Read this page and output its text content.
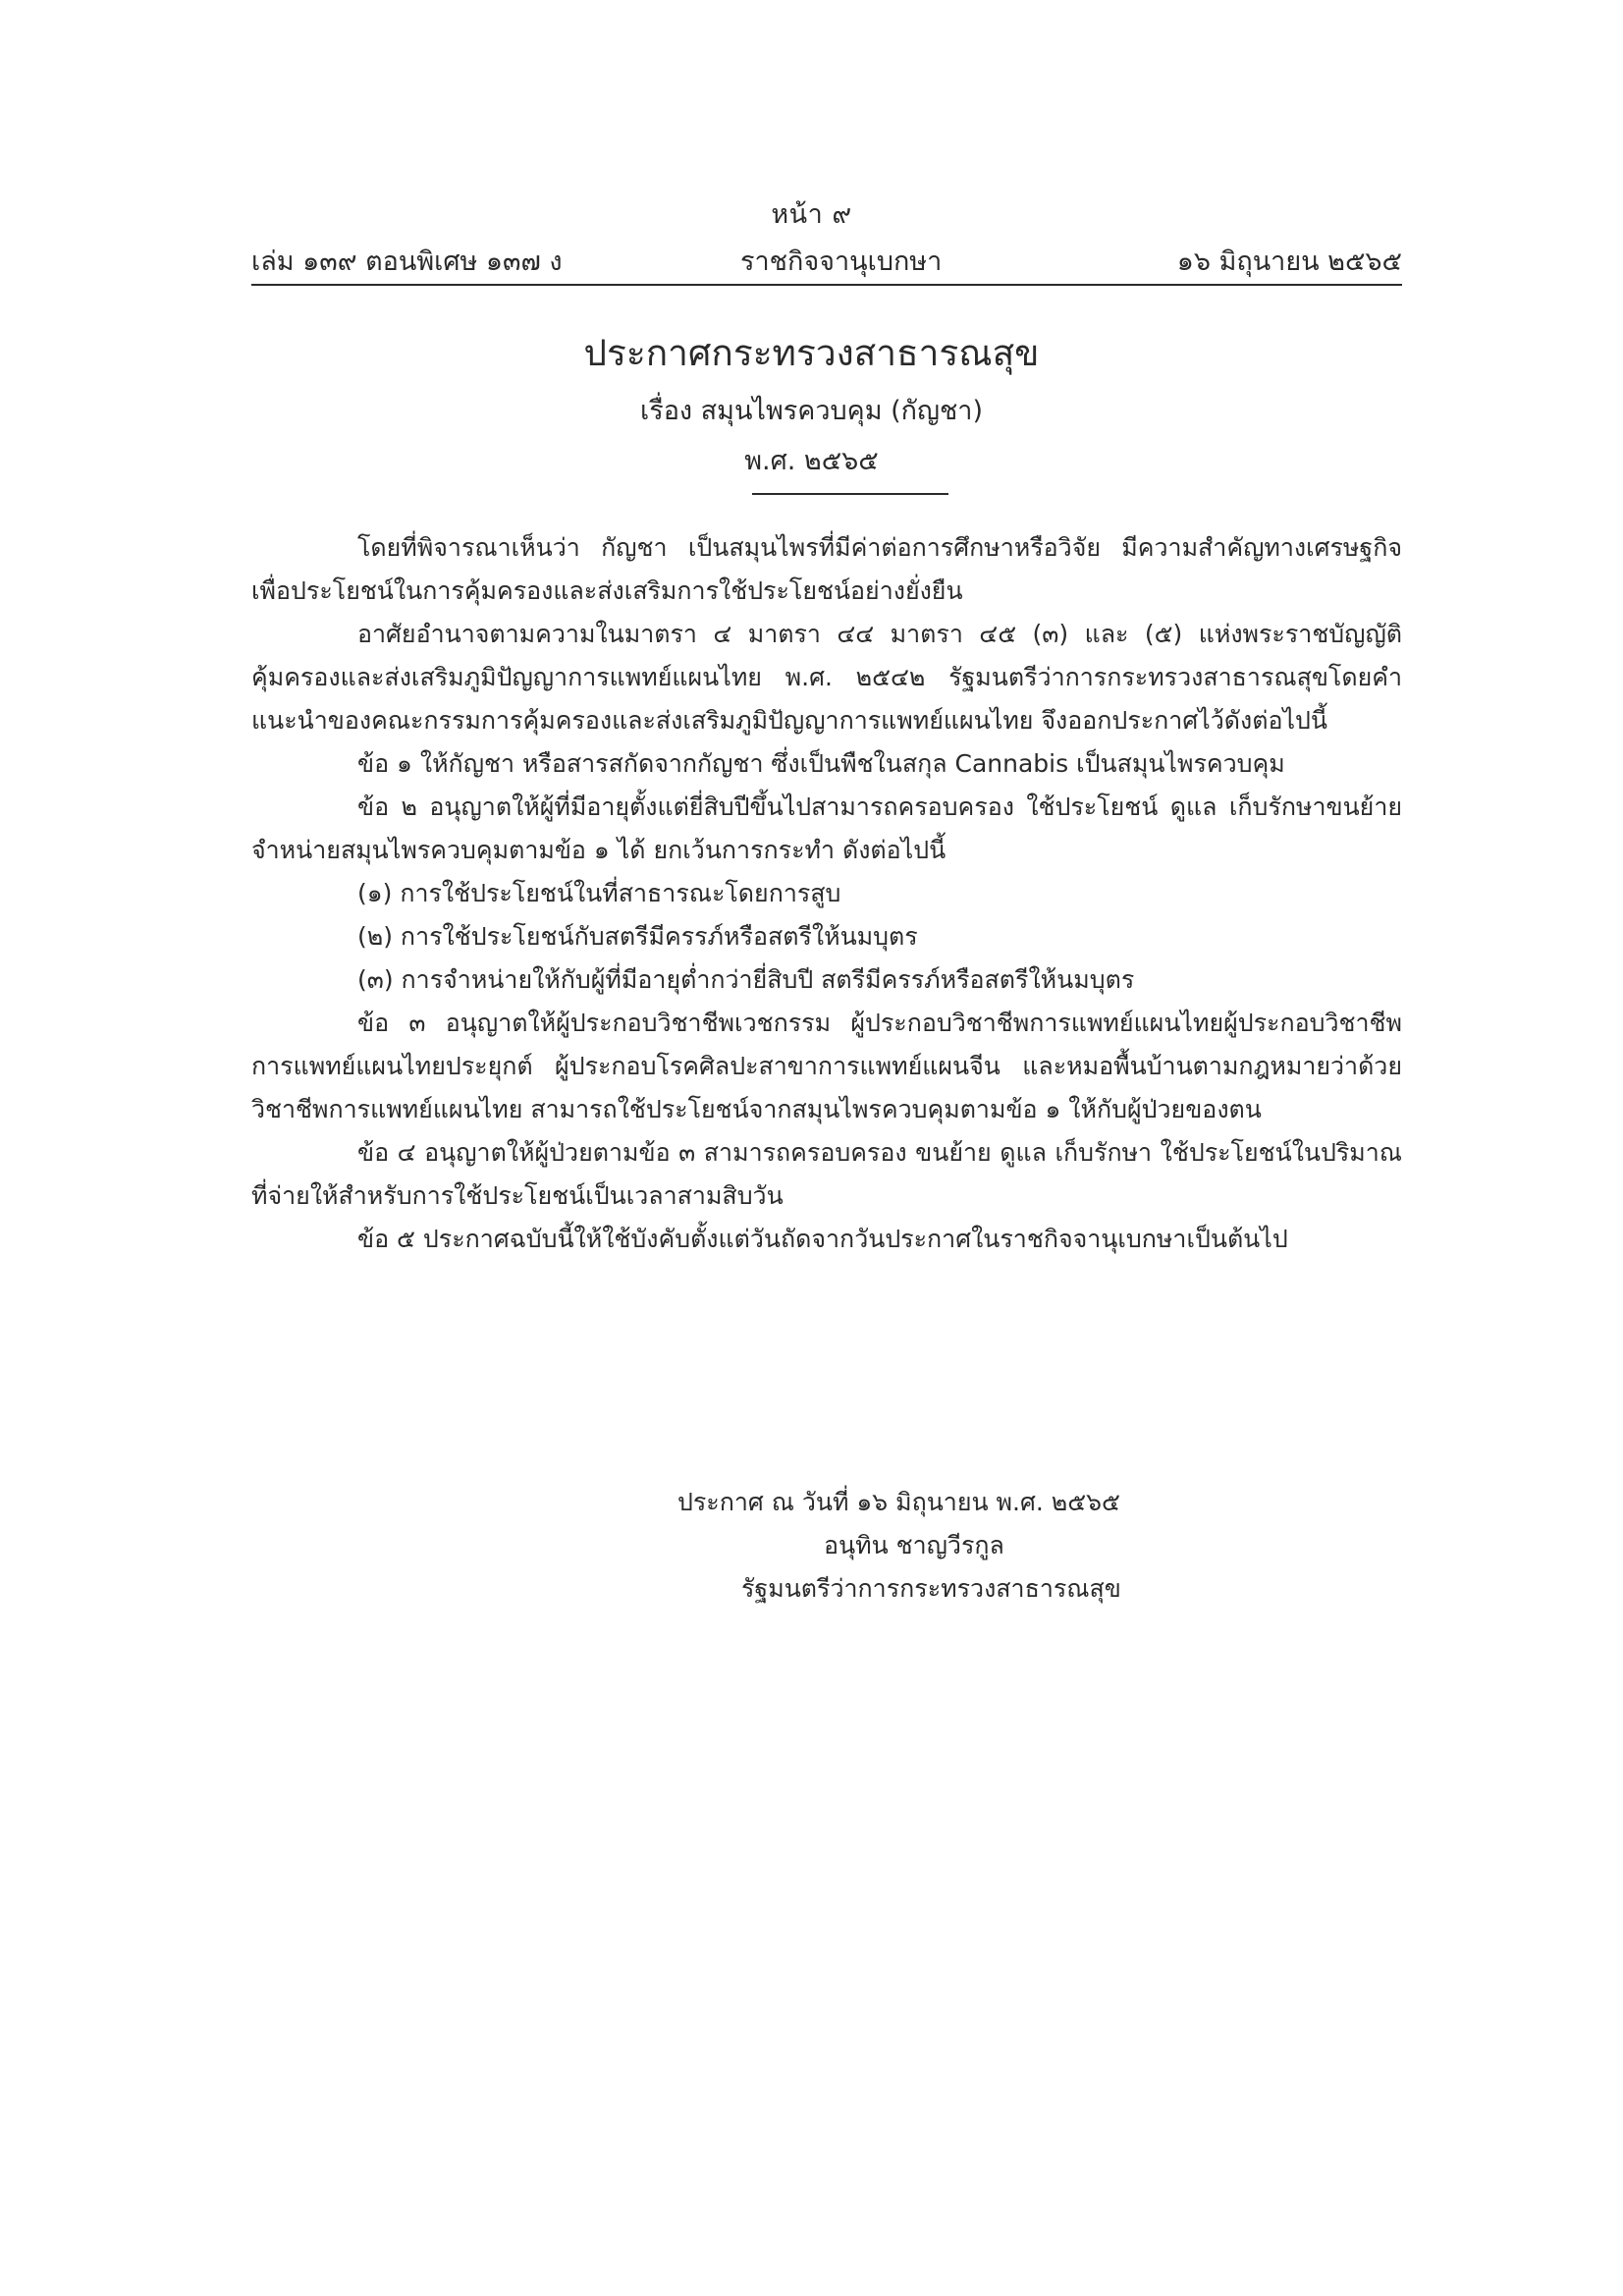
หน้า ๙
เล่ม ๑๓๙ ตอนพิเศษ ๑๓๗ ง	ราชกิจจานุเบกษา	๑๖ มิถุนายน ๒๕๖๕
ประกาศกระทรวงสาธารณสุข
เรื่อง สมุนไพรควบคุม (กัญชา)
พ.ศ. ๒๕๖๕

โดยที่พิจารณาเห็นว่า กัญชา เป็นสมุนไพรที่มีค่าต่อการศึกษาหรือวิจัย มีความสำคัญทางเศรษฐกิจ เพื่อประโยชน์ในการคุ้มครองและส่งเสริมการใช้ประโยชน์อย่างยั่งยืน

อาศัยอำนาจตามความในมาตรา ๔ มาตรา ๔๔ มาตรา ๔๕ (๓) และ (๕) แห่งพระราชบัญญัติคุ้มครองและส่งเสริมภูมิปัญญาการแพทย์แผนไทย พ.ศ. ๒๕๔๒ รัฐมนตรีว่าการกระทรวงสาธารณสุขโดยคำแนะนำของคณะกรรมการคุ้มครองและส่งเสริมภูมิปัญญาการแพทย์แผนไทย จึงออกประกาศไว้ดังต่อไปนี้

ข้อ ๑ ให้กัญชา หรือสารสกัดจากกัญชา ซึ่งเป็นพืชในสกุล Cannabis เป็นสมุนไพรควบคุม

ข้อ ๒ อนุญาตให้ผู้ที่มีอายุตั้งแต่ยี่สิบปีขึ้นไปสามารถครอบครอง ใช้ประโยชน์ ดูแล เก็บรักษาขนย้าย จำหน่ายสมุนไพรควบคุมตามข้อ ๑ ได้ ยกเว้นการกระทำ ดังต่อไปนี้

(๑) การใช้ประโยชน์ในที่สาธารณะโดยการสูบ

(๒) การใช้ประโยชน์กับสตรีมีครรภ์หรือสตรีให้นมบุตร

(๓) การจำหน่ายให้กับผู้ที่มีอายุต่ำกว่ายี่สิบปี สตรีมีครรภ์หรือสตรีให้นมบุตร

ข้อ ๓ อนุญาตให้ผู้ประกอบวิชาชีพเวชกรรม ผู้ประกอบวิชาชีพการแพทย์แผนไทยผู้ประกอบวิชาชีพการแพทย์แผนไทยประยุกต์ ผู้ประกอบโรคศิลปะสาขาการแพทย์แผนจีน และหมอพื้นบ้านตามกฎหมายว่าด้วยวิชาชีพการแพทย์แผนไทย สามารถใช้ประโยชน์จากสมุนไพรควบคุมตามข้อ ๑ ให้กับผู้ป่วยของตน

ข้อ ๔ อนุญาตให้ผู้ป่วยตามข้อ ๓ สามารถครอบครอง ขนย้าย ดูแล เก็บรักษา ใช้ประโยชน์ในปริมาณที่จ่ายให้สำหรับการใช้ประโยชน์เป็นเวลาสามสิบวัน

ข้อ ๕ ประกาศฉบับนี้ให้ใช้บังคับตั้งแต่วันถัดจากวันประกาศในราชกิจจานุเบกษาเป็นต้นไป

ประกาศ ณ วันที่ ๑๖ มิถุนายน พ.ศ. ๒๕๖๕
อนุทิน ชาญวีรกูล
รัฐมนตรีว่าการกระทรวงสาธารณสุข
